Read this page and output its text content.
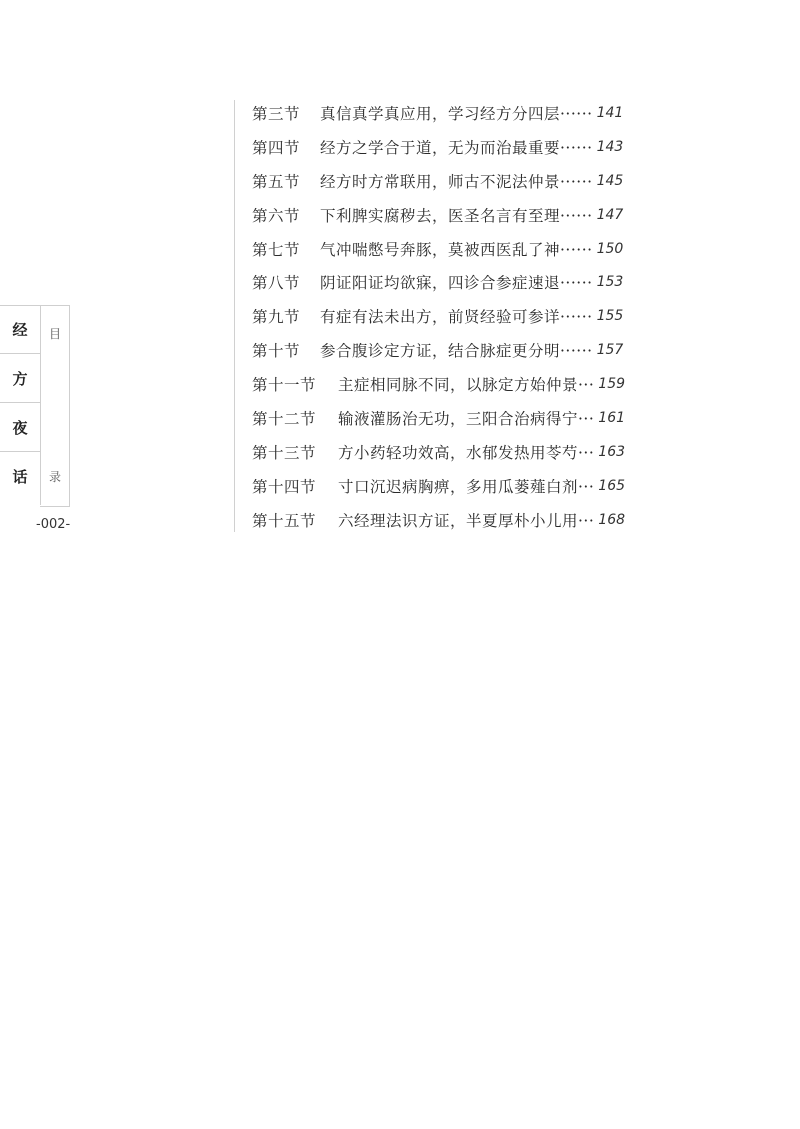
经
方
夜
话
目
录
-002-
第三节	真信真学真应用，学习经方分四层······ 141
第四节	经方之学合于道，无为而治最重要······ 143
第五节	经方时方常联用，师古不泥法仲景······ 145
第六节	下利脾实腐秽去，医圣名言有至理······ 147
第七节	气冲喘憋号奔豚，莫被西医乱了神······ 150
第八节	阴证阳证均欲寐，四诊合参症速退······ 153
第九节	有症有法未出方，前贤经验可参详······ 155
第十节	参合腹诊定方证，结合脉症更分明······ 157
第十一节	主症相同脉不同，以脉定方始仲景··· 159
第十二节	输液灌肠治无功，三阳合治病得宁··· 161
第十三节	方小药轻功效高，水郁发热用苓芍··· 163
第十四节	寸口沉迟病胸痹，多用瓜蒌薤白剂··· 165
第十五节	六经理法识方证，半夏厚朴小儿用··· 168
